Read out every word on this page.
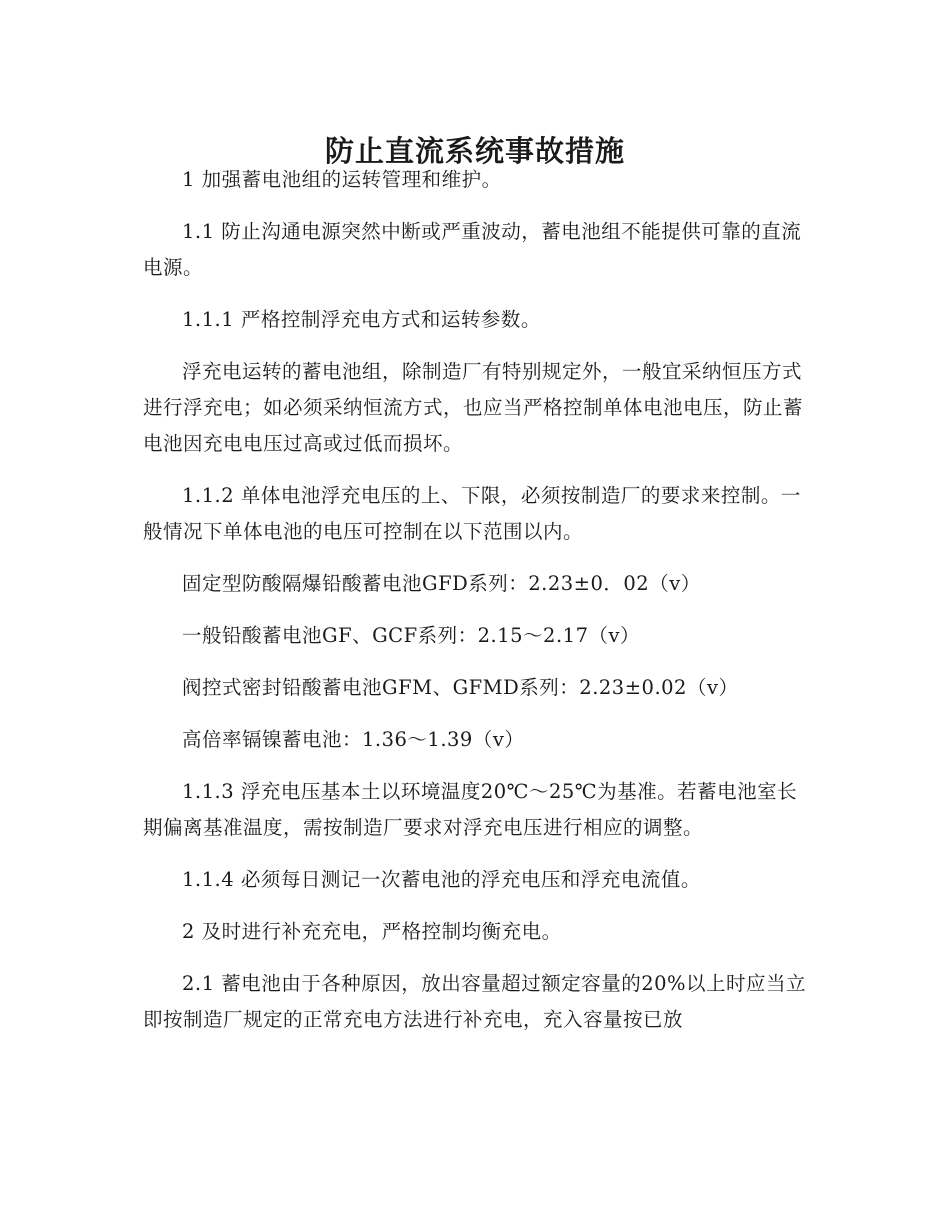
防止直流系统事故措施

1 加强蓄电池组的运转管理和维护。

1.1 防止沟通电源突然中断或严重波动，蓄电池组不能提供可靠的直流电源。

1.1.1 严格控制浮充电方式和运转参数。

浮充电运转的蓄电池组，除制造厂有特别规定外，一般宜采纳恒压方式进行浮充电；如必须采纳恒流方式，也应当严格控制单体电池电压，防止蓄电池因充电电压过高或过低而损坏。

1.1.2 单体电池浮充电压的上、下限，必须按制造厂的要求来控制。一般情况下单体电池的电压可控制在以下范围以内。

固定型防酸隔爆铅酸蓄电池GFD系列：2.23±0．02（v）

一般铅酸蓄电池GF、GCF系列：2.15～2.17（v）

阀控式密封铅酸蓄电池GFM、GFMD系列：2.23±0.02（v）

高倍率镉镍蓄电池：1.36～1.39（v）

1.1.3 浮充电压基本土以环境温度20℃～25℃为基准。若蓄电池室长期偏离基准温度，需按制造厂要求对浮充电压进行相应的调整。

1.1.4 必须每日测记一次蓄电池的浮充电压和浮充电流值。

2 及时进行补充充电，严格控制均衡充电。

2.1 蓄电池由于各种原因，放出容量超过额定容量的20%以上时应当立即按制造厂规定的正常充电方法进行补充电，充入容量按已放
